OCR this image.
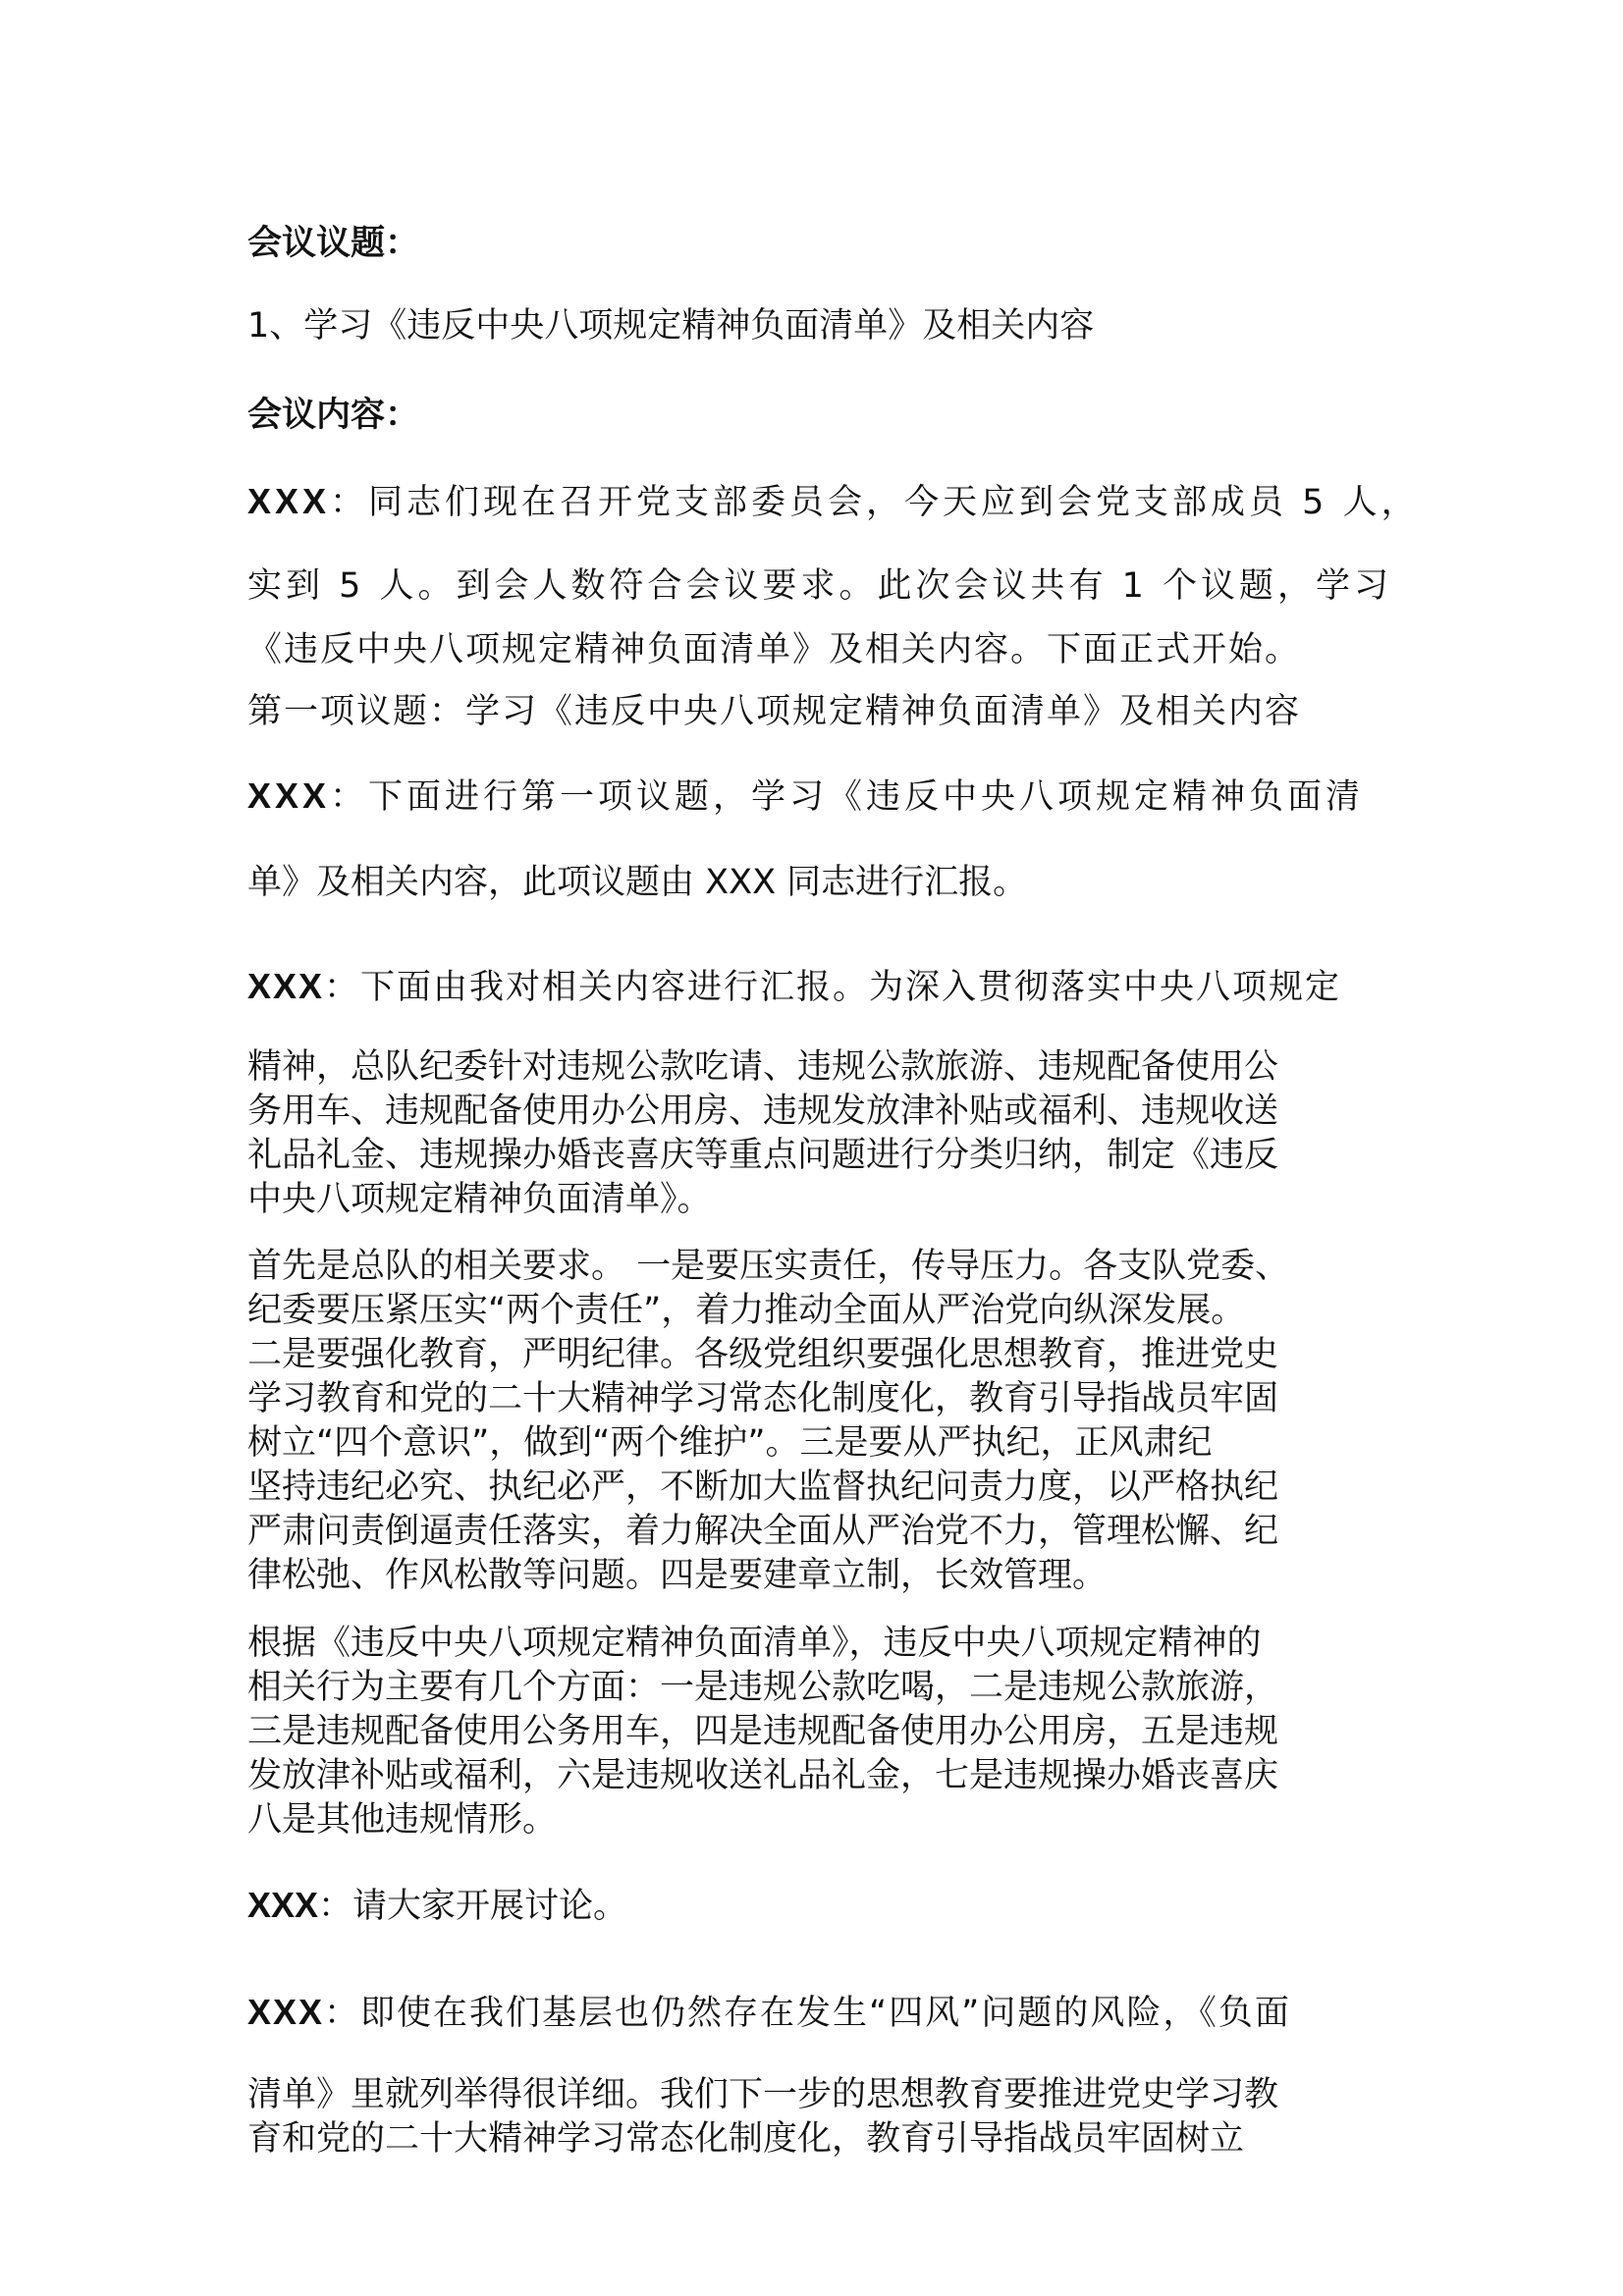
会议议题：
1、学习《违反中央八项规定精神负面清单》及相关内容
会议内容：
XXX：同志们现在召开党支部委员会，今天应到会党支部成员 5 人，
实到 5 人。到会人数符合会议要求。此次会议共有 1 个议题，学习
《违反中央八项规定精神负面清单》及相关内容。下面正式开始。
第一项议题：学习《违反中央八项规定精神负面清单》及相关内容
XXX：下面进行第一项议题，学习《违反中央八项规定精神负面清
单》及相关内容，此项议题由 XXX 同志进行汇报。
XXX：下面由我对相关内容进行汇报。为深入贯彻落实中央八项规定
精神，总队纪委针对违规公款吃请、违规公款旅游、违规配备使用公
务用车、违规配备使用办公用房、违规发放津补贴或福利、违规收送
礼品礼金、违规操办婚丧喜庆等重点问题进行分类归纳，制定《违反
中央八项规定精神负面清单》。
首先是总队的相关要求。 一是要压实责任，传导压力。各支队党委、
纪委要压紧压实“两个责任”，着力推动全面从严治党向纵深发展。
二是要强化教育，严明纪律。各级党组织要强化思想教育，推进党史
学习教育和党的二十大精神学习常态化制度化，教育引导指战员牢固
树立“四个意识”，做到“两个维护”。三是要从严执纪，正风肃纪
坚持违纪必究、执纪必严，不断加大监督执纪问责力度，以严格执纪
严肃问责倒逼责任落实，着力解决全面从严治党不力，管理松懈、纪
律松弛、作风松散等问题。四是要建章立制，长效管理。
根据《违反中央八项规定精神负面清单》，违反中央八项规定精神的
相关行为主要有几个方面：一是违规公款吃喝，二是违规公款旅游，
三是违规配备使用公务用车，四是违规配备使用办公用房，五是违规
发放津补贴或福利，六是违规收送礼品礼金，七是违规操办婚丧喜庆
八是其他违规情形。
XXX：请大家开展讨论。
XXX：即使在我们基层也仍然存在发生“四风”问题的风险，《负面
清单》里就列举得很详细。我们下一步的思想教育要推进党史学习教
育和党的二十大精神学习常态化制度化，教育引导指战员牢固树立
